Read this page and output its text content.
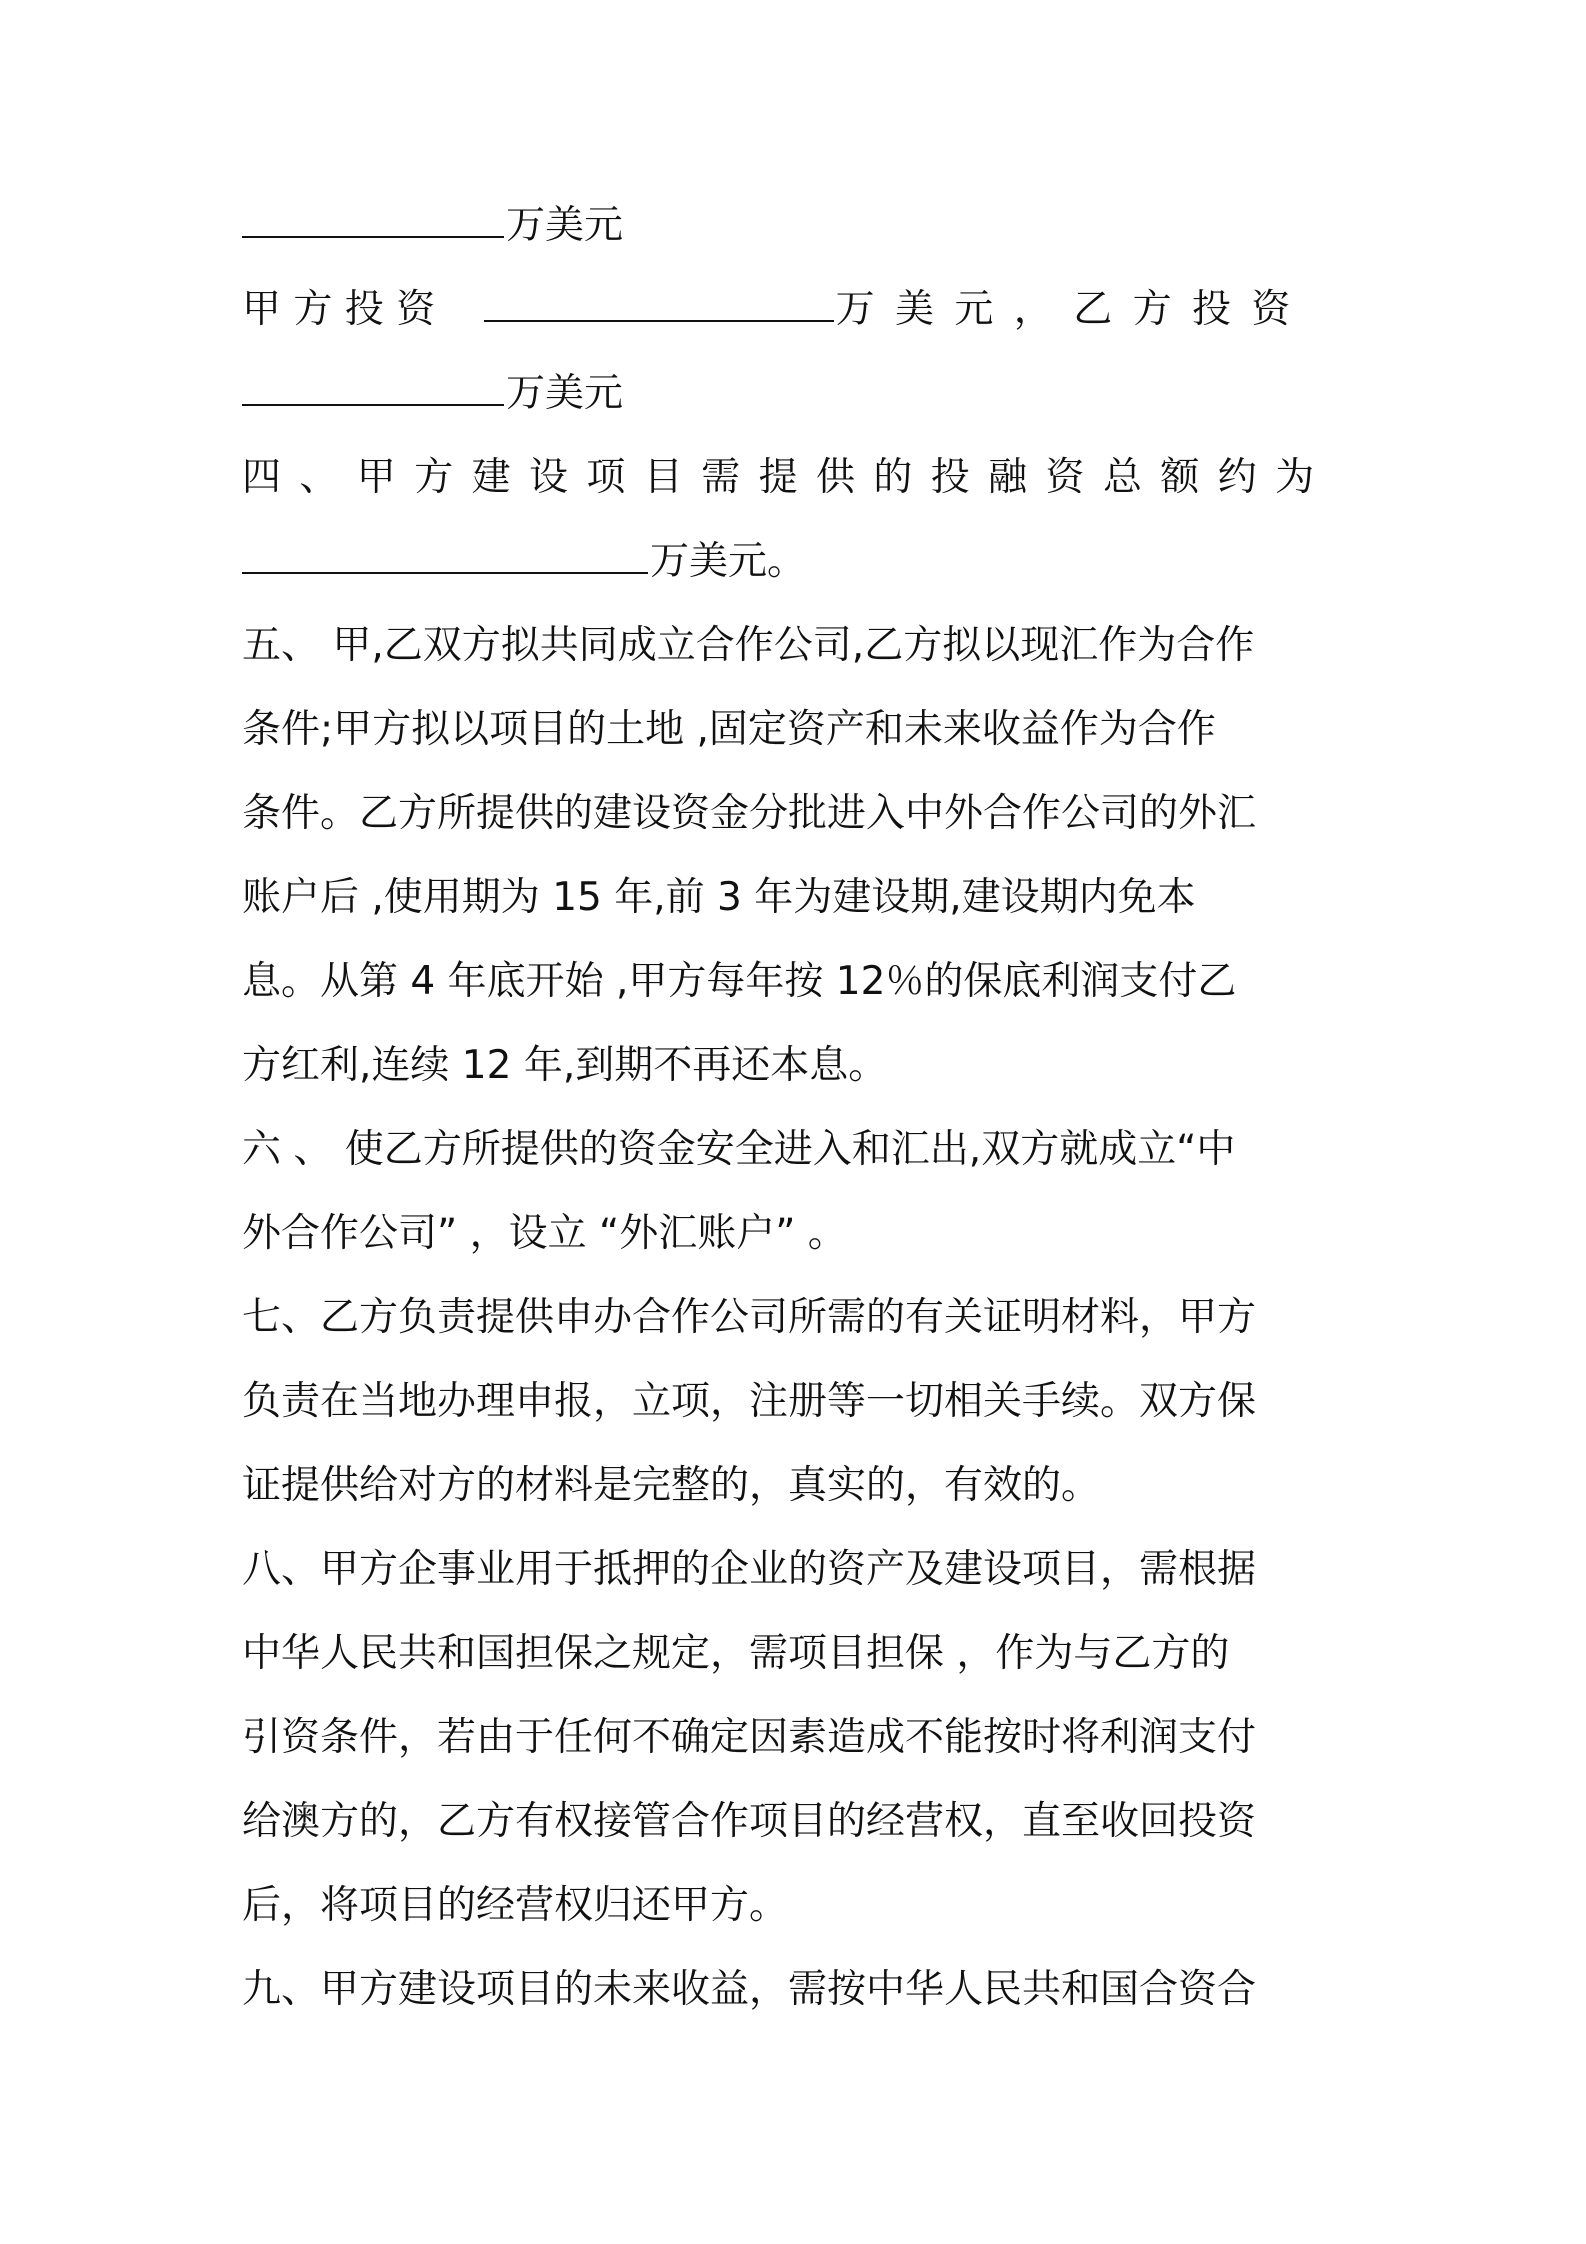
万美元
甲 方 投 资	万 美 元 ， 乙 方 投 资
万美元
四 、 甲 方 建 设 项 目 需 提 供 的 投 融 资 总 额 约 为
万美元。
五、 甲,乙双方拟共同成立合作公司,乙方拟以现汇作为合作
条件;甲方拟以项目的土地 ,固定资产和未来收益作为合作
条件。乙方所提供的建设资金分批进入中外合作公司的外汇
账户后 ,使用期为 15 年,前 3 年为建设期,建设期内免本
息。从第 4 年底开始 ,甲方每年按 12％的保底利润支付乙
方红利,连续 12 年,到期不再还本息。
六 、 使乙方所提供的资金安全进入和汇出,双方就成立“中
外合作公司” ，设立 “外汇账户” 。
七、乙方负责提供申办合作公司所需的有关证明材料，甲方
负责在当地办理申报，立项，注册等一切相关手续。双方保
证提供给对方的材料是完整的，真实的，有效的。
八、甲方企事业用于抵押的企业的资产及建设项目，需根据
中华人民共和国担保之规定，需项目担保 ，作为与乙方的
引资条件，若由于任何不确定因素造成不能按时将利润支付
给澳方的，乙方有权接管合作项目的经营权，直至收回投资
后，将项目的经营权归还甲方。
九、甲方建设项目的未来收益，需按中华人民共和国合资合
